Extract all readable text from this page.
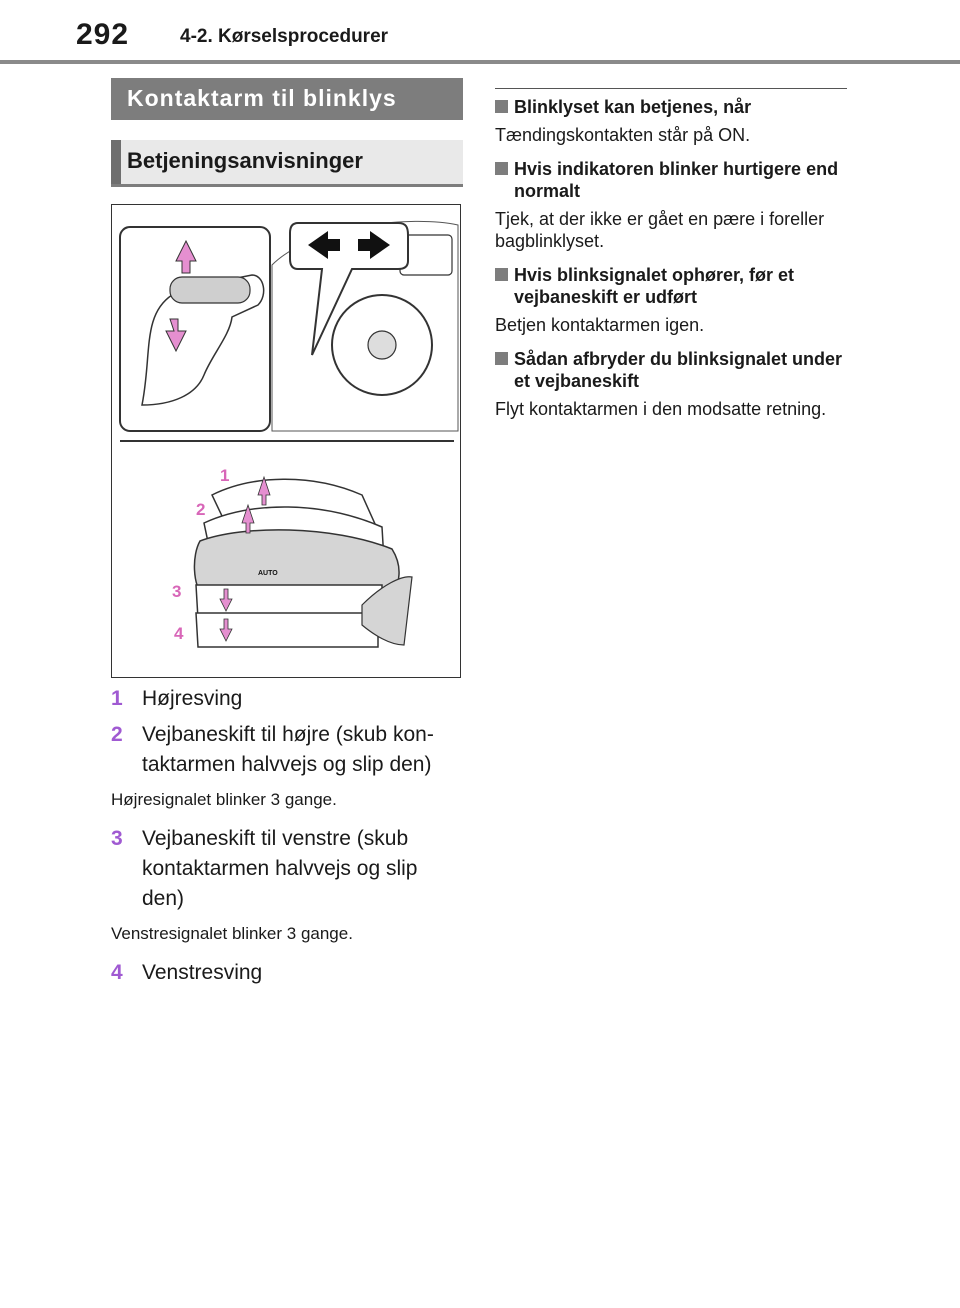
292	4-2. Kørselsprocedurer
Kontaktarm til blinklys
Betjeningsanvisninger
AUTO
1
2
3
4
1 Højresving
2 Vejbaneskift til højre (skub kontaktarmen halvvejs og slip den)
Højresignalet blinker 3 gange.
3 Vejbaneskift til venstre (skub kontaktarmen halvvejs og slip den)
Venstresignalet blinker 3 gange.
4 Venstresving
Blinklyset kan betjenes, når
Tændingskontakten står på ON.
Hvis indikatoren blinker hurtigere end normalt
Tjek, at der ikke er gået en pære i foreller bagblinklyset.
Hvis blinksignalet ophører, før et vejbaneskift er udført
Betjen kontaktarmen igen.
Sådan afbryder du blinksignalet under et vejbaneskift
Flyt kontaktarmen i den modsatte retning.
